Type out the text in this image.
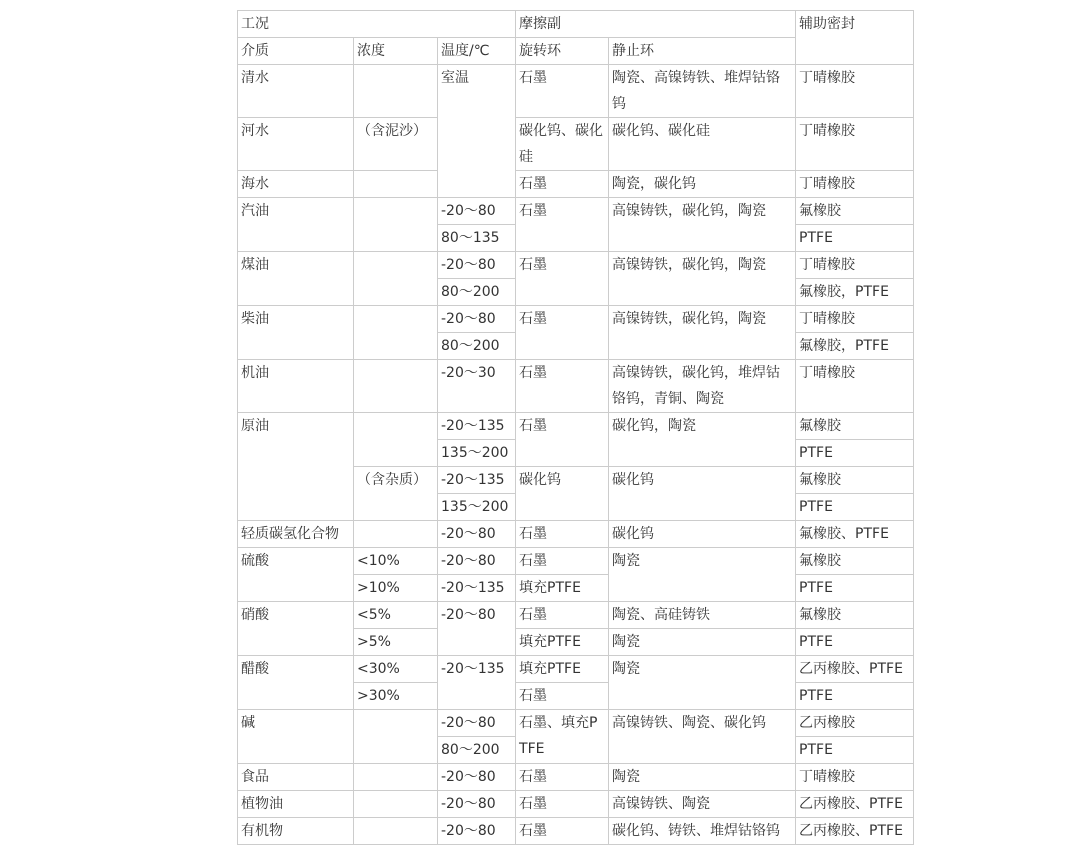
工况			摩擦副		辅助密封
介质	浓度	温度/℃	旋转环	静止环	
清水		室温	石墨	陶瓷、高镍铸铁、堆焊钴铬钨	丁晴橡胶
河水	（含泥沙）		碳化钨、碳化硅	碳化钨、碳化硅	丁晴橡胶
海水			石墨	陶瓷，碳化钨	丁晴橡胶
汽油		-20～80	石墨	高镍铸铁，碳化钨，陶瓷	氟橡胶
		80～135			PTFE
煤油		-20～80	石墨	高镍铸铁，碳化钨，陶瓷	丁晴橡胶
		80～200			氟橡胶，PTFE
柴油		-20～80	石墨	高镍铸铁，碳化钨，陶瓷	丁晴橡胶
		80～200			氟橡胶，PTFE
机油		-20～30	石墨	高镍铸铁，碳化钨，堆焊钴铬钨，青铜、陶瓷	丁晴橡胶
原油		-20～135	石墨	碳化钨，陶瓷	氟橡胶
		135～200			PTFE
	（含杂质）	-20～135	碳化钨	碳化钨	氟橡胶
		135～200			PTFE
轻质碳氢化合物		-20～80	石墨	碳化钨	氟橡胶、PTFE
硫酸	<10%	-20～80	石墨	陶瓷	氟橡胶
	>10%	-20～135	填充PTFE		PTFE
硝酸	<5%	-20～80	石墨	陶瓷、高硅铸铁	氟橡胶
	>5%		填充PTFE	陶瓷	PTFE
醋酸	<30%	-20～135	填充PTFE	陶瓷	乙丙橡胶、PTFE
	>30%		石墨		PTFE
碱		-20～80	石墨、填充PTFE	高镍铸铁、陶瓷、碳化钨	乙丙橡胶
		80～200			PTFE
食品		-20～80	石墨	陶瓷	丁晴橡胶
植物油		-20～80	石墨	高镍铸铁、陶瓷	乙丙橡胶、PTFE
有机物		-20～80	石墨	碳化钨、铸铁、堆焊钴铬钨	乙丙橡胶、PTFE
